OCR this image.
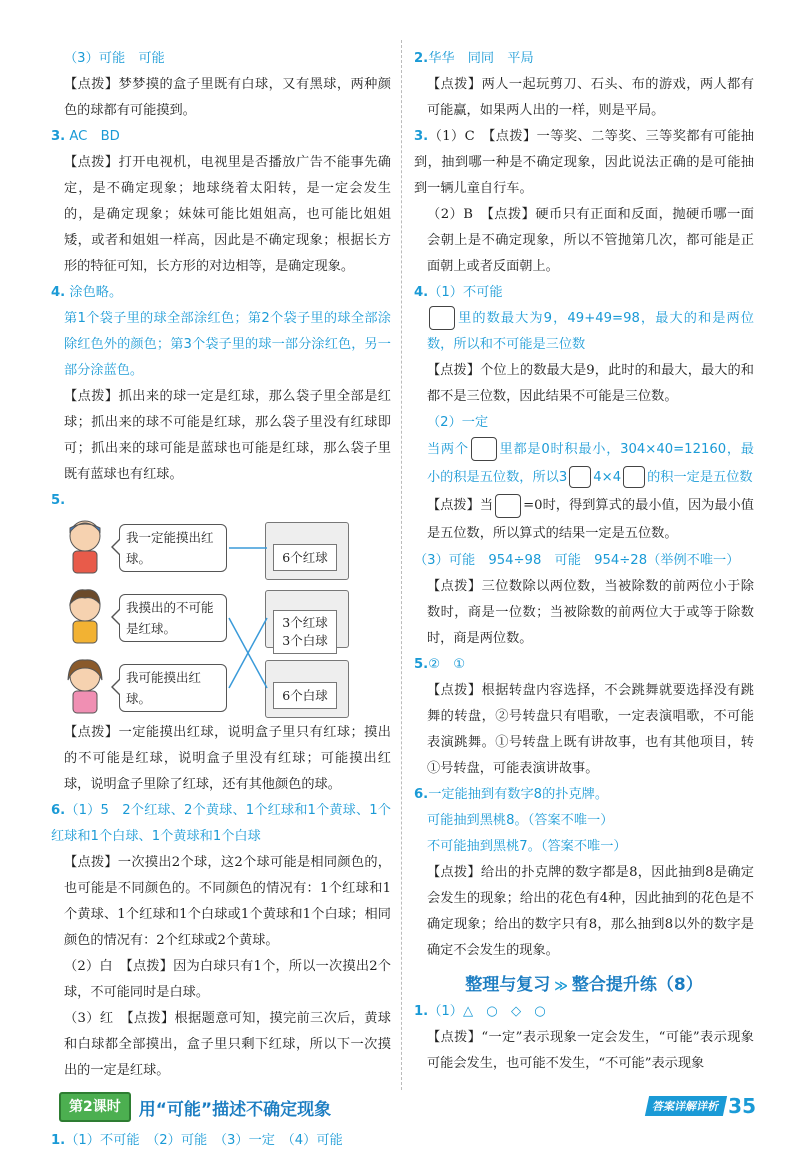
（3）可能　可能

【点拨】梦梦摸的盒子里既有白球，又有黑球，两种颜色的球都有可能摸到。

3. AC　BD

【点拨】打开电视机，电视里是否播放广告不能事先确定，是不确定现象；地球绕着太阳转，是一定会发生的，是确定现象；妹妹可能比姐姐高，也可能比姐姐矮，或者和姐姐一样高，因此是不确定现象；根据长方形的特征可知，长方形的对边相等，是确定现象。

4. 涂色略。

第1个袋子里的球全部涂红色；第2个袋子里的球全部涂除红色外的颜色；第3个袋子里的球一部分涂红色，另一部分涂蓝色。

【点拨】抓出来的球一定是红球，那么袋子里全部是红球；抓出来的球不可能是红球，那么袋子里没有红球即可；抓出来的球可能是蓝球也可能是红球，那么袋子里既有蓝球也有红球。

5.

我一定能摸出红球。
我摸出的不可能是红球。
我可能摸出红球。
6个红球
3个红球
3个白球
6个白球

【点拨】一定能摸出红球，说明盒子里只有红球；摸出的不可能是红球，说明盒子里没有红球；可能摸出红球，说明盒子里除了红球，还有其他颜色的球。

6.（1）5　2个红球、2个黄球、1个红球和1个黄球、1个红球和1个白球、1个黄球和1个白球

【点拨】一次摸出2个球，这2个球可能是相同颜色的，也可能是不同颜色的。不同颜色的情况有：1个红球和1个黄球、1个红球和1个白球或1个黄球和1个白球；相同颜色的情况有：2个红球或2个黄球。

（2）白　【点拨】因为白球只有1个，所以一次摸出2个球，不可能同时是白球。

（3）红　【点拨】根据题意可知，摸完前三次后，黄球和白球都全部摸出，盒子里只剩下红球，所以下一次摸出的一定是红球。

第2课时	用“可能”描述不确定现象

1.（1）不可能　（2）可能　（3）一定　（4）可能

2.华华　同同　平局

【点拨】两人一起玩剪刀、石头、布的游戏，两人都有可能赢，如果两人出的一样，则是平局。

3.（1）C　【点拨】一等奖、二等奖、三等奖都有可能抽到，抽到哪一种是不确定现象，因此说法正确的是可能抽到一辆儿童自行车。

（2）B　【点拨】硬币只有正面和反面，抛硬币哪一面会朝上是不确定现象，所以不管抛第几次，都可能是正面朝上或者反面朝上。

4.（1）不可能

里的数最大为9，49+49=98，最大的和是两位数，所以和不可能是三位数

【点拨】个位上的数最大是9，此时的和最大，最大的和都不是三位数，因此结果不可能是三位数。

（2）一定

当两个 里都是0时积最小，304×40=12160，最小的积是五位数，所以3 4×4 的积一定是五位数

【点拨】当 =0时，得到算式的最小值，因为最小值是五位数，所以算式的结果一定是五位数。

（3）可能　954÷98　可能　954÷28（举例不唯一）

【点拨】三位数除以两位数，当被除数的前两位小于除数时，商是一位数；当被除数的前两位大于或等于除数时，商是两位数。

5.②　①

【点拨】根据转盘内容选择，不会跳舞就要选择没有跳舞的转盘，②号转盘只有唱歌，一定表演唱歌，不可能表演跳舞。①号转盘上既有讲故事，也有其他项目，转①号转盘，可能表演讲故事。

6.一定能抽到有数字8的扑克牌。

可能抽到黑桃8。（答案不唯一）

不可能抽到黑桃7。（答案不唯一）

【点拨】给出的扑克牌的数字都是8，因此抽到8是确定会发生的现象；给出的花色有4种，因此抽到的花色是不确定现象；给出的数字只有8，那么抽到8以外的数字是确定不会发生的现象。

整理与复习 ≫ 整合提升练（8）

1.（1）△　○　◇　○

【点拨】“一定”表示现象一定会发生，“可能”表示现象可能会发生，也可能不发生，“不可能”表示现象

答案详解详析 35
